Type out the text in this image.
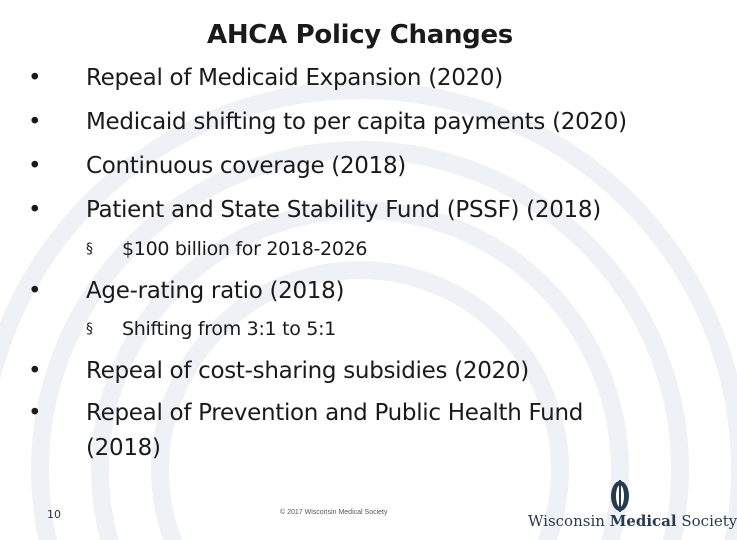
AHCA Policy Changes
• Repeal of Medicaid Expansion (2020)
• Medicaid shifting to per capita payments (2020)
• Continuous coverage (2018)
• Patient and State Stability Fund (PSSF) (2018)
§ $100 billion for 2018-2026
• Age-rating ratio (2018)
§ Shifting from 3:1 to 5:1
• Repeal of cost-sharing subsidies (2020)
• Repeal of Prevention and Public Health Fund
(2018)
10	© 2017 Wisconsin Medical Society	Wisconsin Medical Society
